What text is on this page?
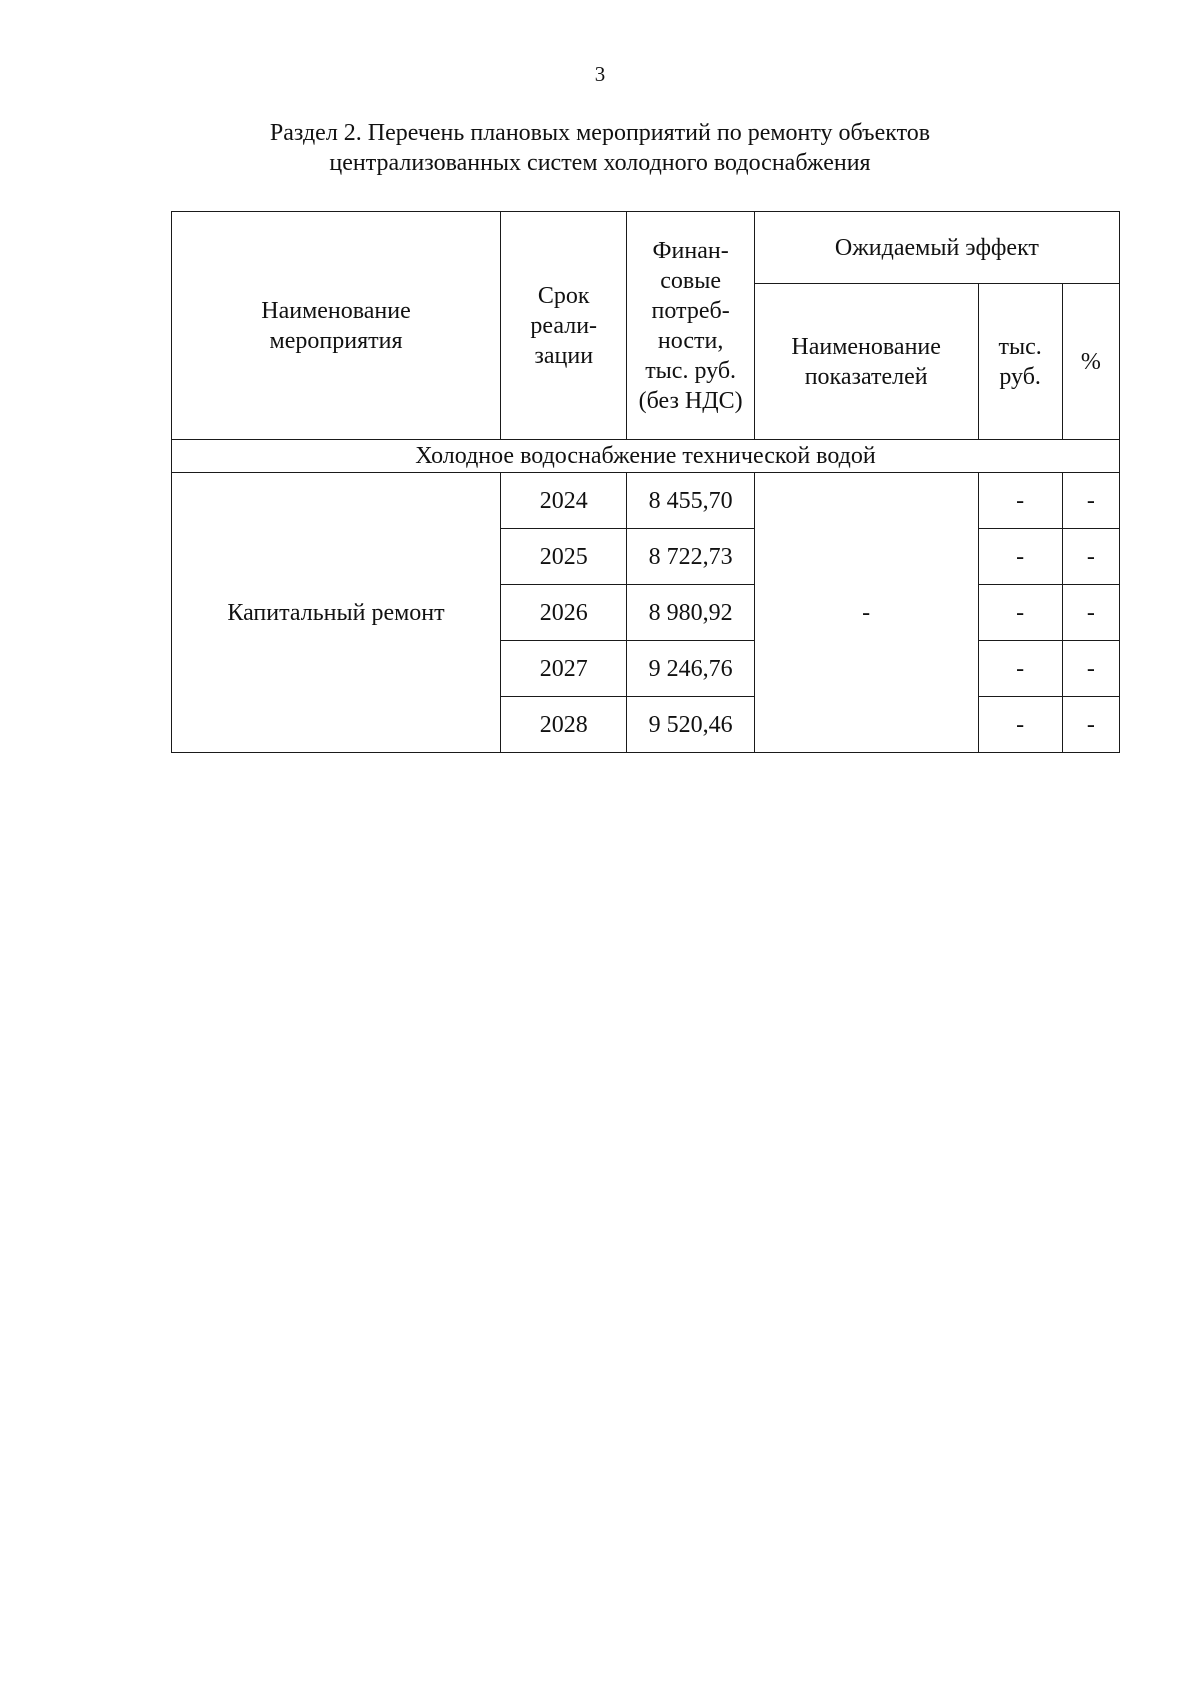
3
Раздел 2. Перечень плановых мероприятий по ремонту объектов
централизованных систем холодного водоснабжения
Наименование мероприятия	Срок реали-зации	Финан-совые потреб-ности, тыс. руб. (без НДС)	Ожидаемый эффект		

			Наименование показателей	тыс. руб.	%
Холодное водоснабжение технической водой					
Капитальный ремонт	2024	8 455,70	-	-	-
	2025	8 722,73		-	-
	2026	8 980,92		-	-
	2027	9 246,76		-	-
	2028	9 520,46		-	-
